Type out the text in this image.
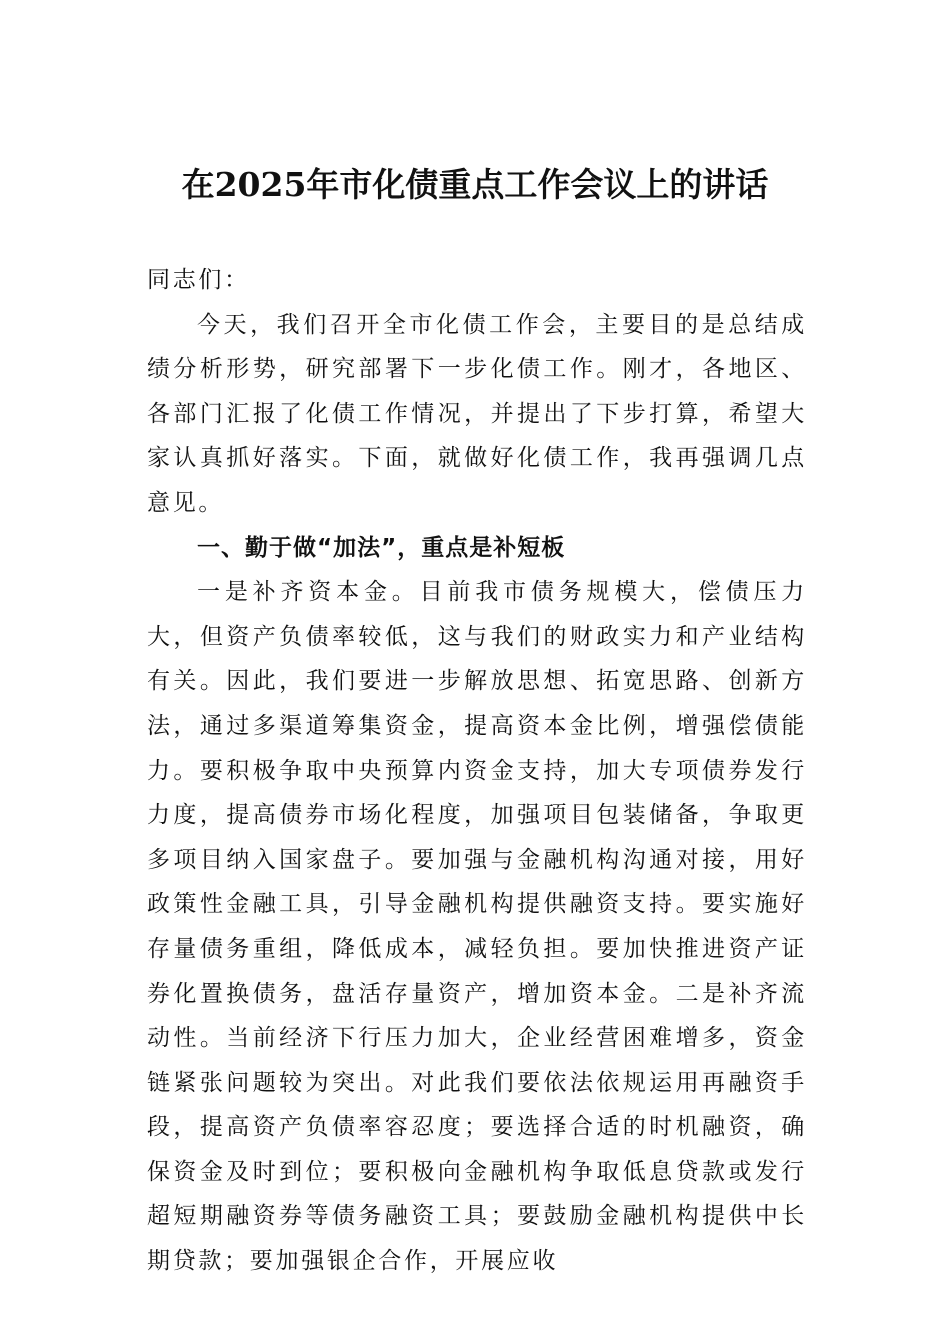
在2025年市化债重点工作会议上的讲话

同志们：

今天，我们召开全市化债工作会，主要目的是总结成绩分析形势，研究部署下一步化债工作。刚才，各地区、各部门汇报了化债工作情况，并提出了下步打算，希望大家认真抓好落实。下面，就做好化债工作，我再强调几点意见。

一、勤于做“加法”，重点是补短板

一是补齐资本金。目前我市债务规模大，偿债压力大，但资产负债率较低，这与我们的财政实力和产业结构有关。因此，我们要进一步解放思想、拓宽思路、创新方法，通过多渠道筹集资金，提高资本金比例，增强偿债能力。要积极争取中央预算内资金支持，加大专项债券发行力度，提高债券市场化程度，加强项目包装储备，争取更多项目纳入国家盘子。要加强与金融机构沟通对接，用好政策性金融工具，引导金融机构提供融资支持。要实施好存量债务重组，降低成本，减轻负担。要加快推进资产证券化置换债务，盘活存量资产，增加资本金。二是补齐流动性。当前经济下行压力加大，企业经营困难增多，资金链紧张问题较为突出。对此我们要依法依规运用再融资手段，提高资产负债率容忍度；要选择合适的时机融资，确保资金及时到位；要积极向金融机构争取低息贷款或发行超短期融资券等债务融资工具；要鼓励金融机构提供中长期贷款；要加强银企合作，开展应收
